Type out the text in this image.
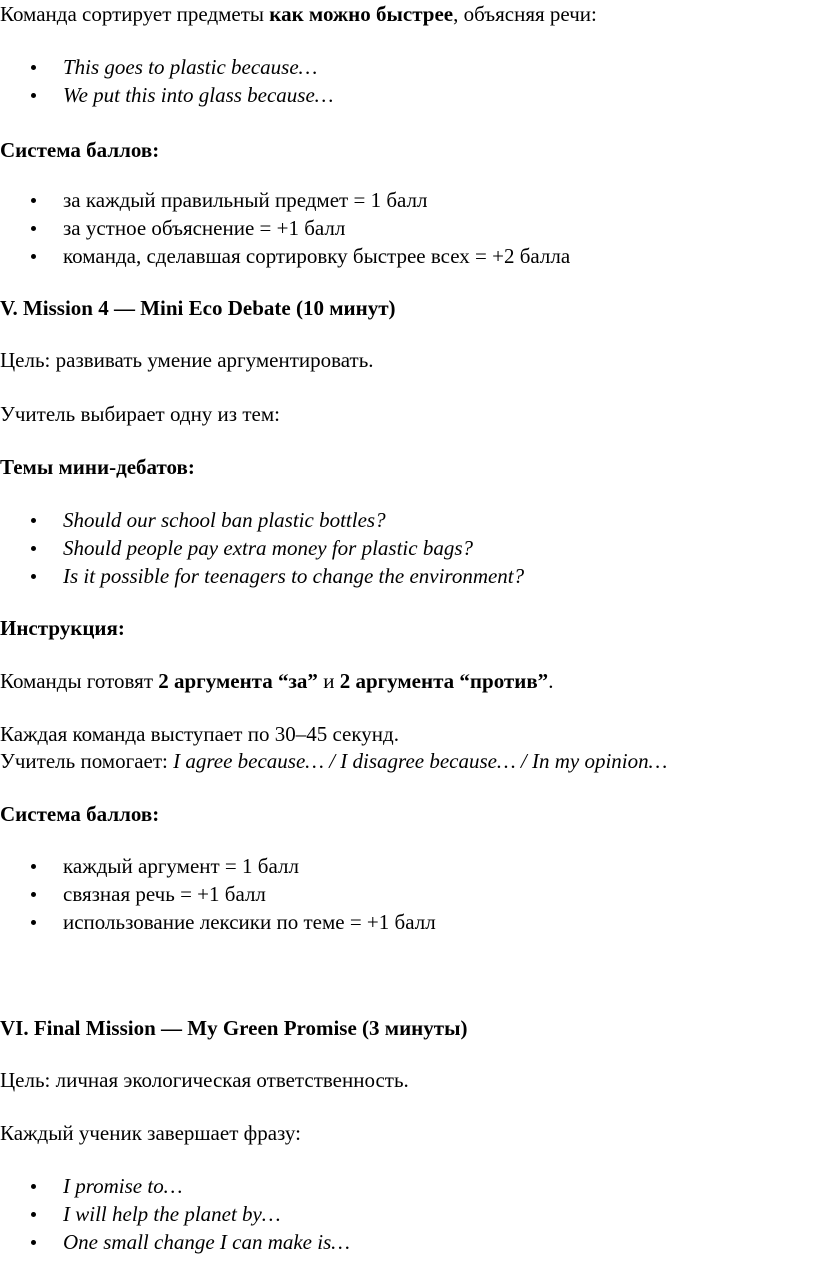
Команда сортирует предметы как можно быстрее, объясняя речи:
This goes to plastic because…
We put this into glass because…
Система баллов:
за каждый правильный предмет = 1 балл
за устное объяснение = +1 балл
команда, сделавшая сортировку быстрее всех = +2 балла
V. Mission 4 — Mini Eco Debate (10 минут)
Цель: развивать умение аргументировать.
Учитель выбирает одну из тем:
Темы мини-дебатов:
Should our school ban plastic bottles?
Should people pay extra money for plastic bags?
Is it possible for teenagers to change the environment?
Инструкция:
Команды готовят 2 аргумента “за” и 2 аргумента “против”.
Каждая команда выступает по 30–45 секунд.
Учитель помогает: I agree because… / I disagree because… / In my opinion…
Система баллов:
каждый аргумент = 1 балл
связная речь = +1 балл
использование лексики по теме = +1 балл
VI. Final Mission — My Green Promise (3 минуты)
Цель: личная экологическая ответственность.
Каждый ученик завершает фразу:
I promise to…
I will help the planet by…
One small change I can make is…
